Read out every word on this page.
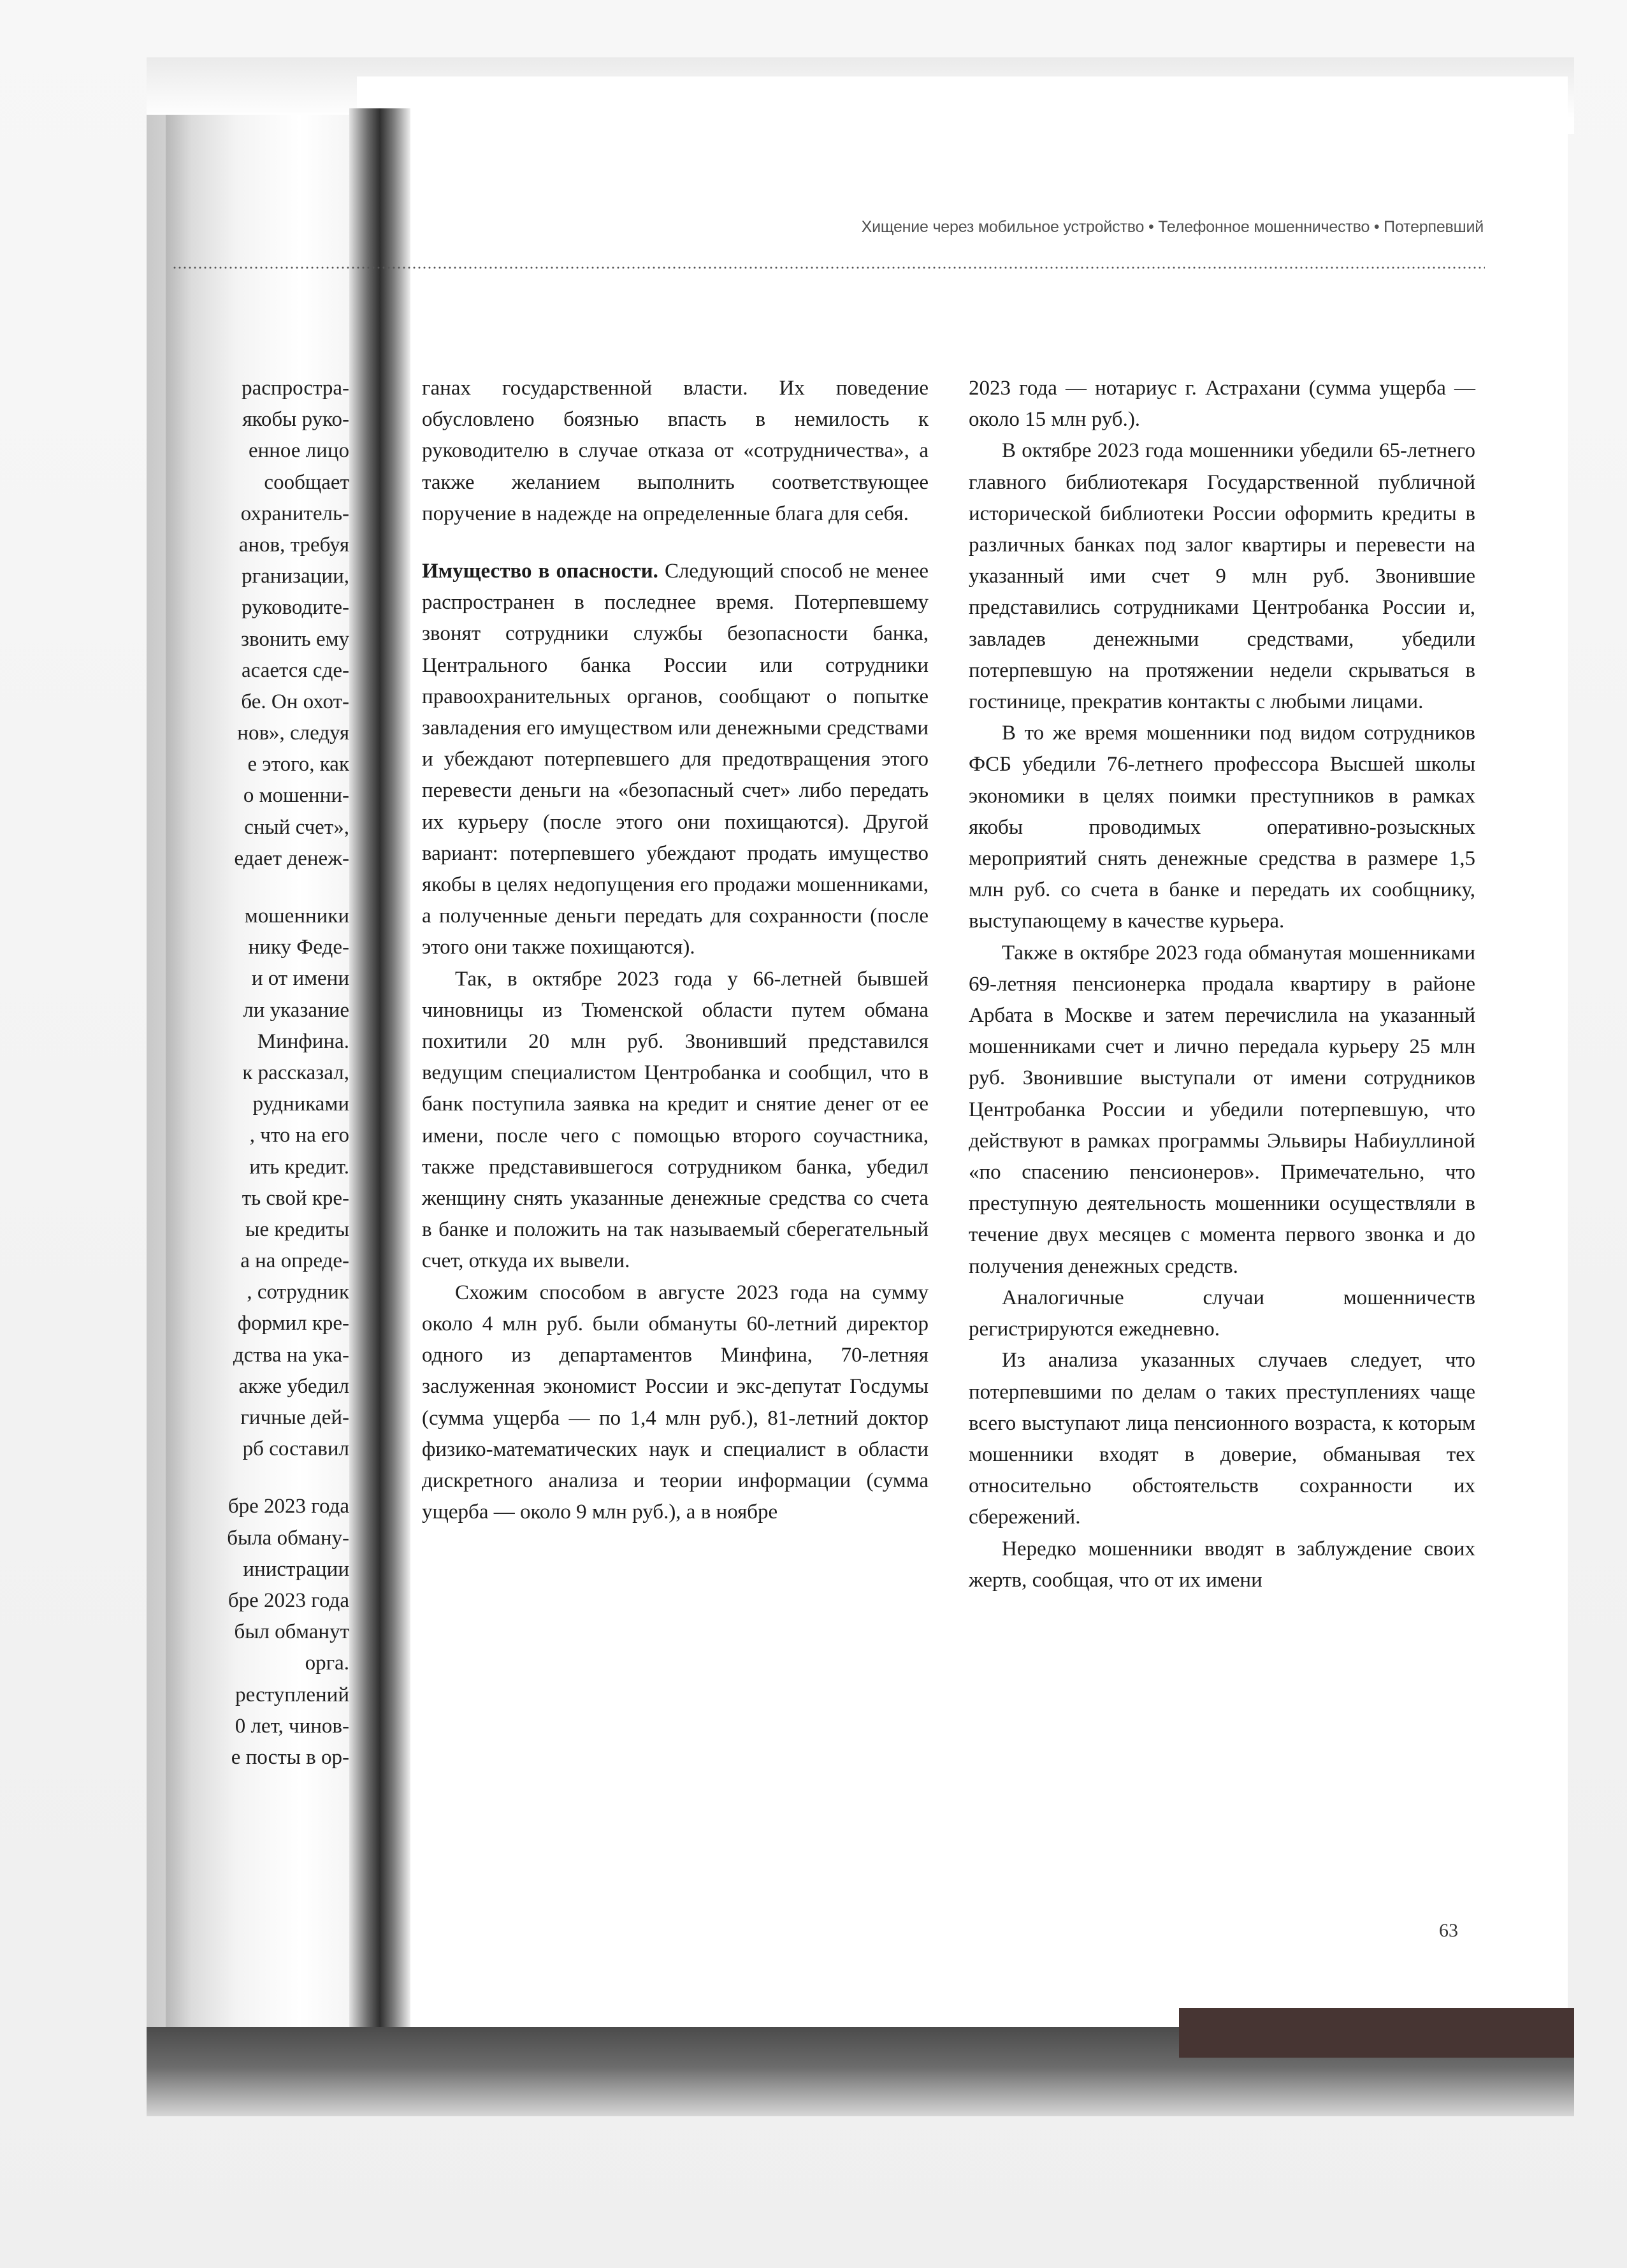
Хищение через мобильное устройство • Телефонное мошенничество • Потерпевший
распростра-
якобы руко-
енное лицо
сообщает
охранитель-
анов, требуя
рганизации,
руководите-
звонить ему
асается сде-
бе. Он охот-
нов», следуя
е этого, как
о мошенни-
сный счет»,
едает денеж-
мошенники
нику Феде-
и от имени
ли указание
Минфина.
к рассказал,
рудниками
, что на его
ить кредит.
ть свой кре-
ые кредиты
а на опреде-
, сотрудник
формил кре-
дства на ука-
акже убедил
гичные дей-
рб составил
бре 2023 года
была обману-
инистрации
бре 2023 года
был обманут
орга.
реступлений
0 лет, чинов-
е посты в ор-

ганах государственной власти. Их поведение обусловлено боязнью впасть в немилость к руководителю в случае отказа от «сотрудничества», а также желанием выполнить соответствующее поручение в надежде на определенные блага для себя.

Имущество в опасности. Следующий способ не менее распространен в последнее время. Потерпевшему звонят сотрудники службы безопасности банка, Центрального банка России или сотрудники правоохранительных органов, сообщают о попытке завладения его имуществом или денежными средствами и убеждают потерпевшего для предотвращения этого перевести деньги на «безопасный счет» либо передать их курьеру (после этого они похищаются). Другой вариант: потерпевшего убеждают продать имущество якобы в целях недопущения его продажи мошенниками, а полученные деньги передать для сохранности (после этого они также похищаются).

Так, в октябре 2023 года у 66-летней бывшей чиновницы из Тюменской области путем обмана похитили 20 млн руб. Звонивший представился ведущим специалистом Центробанка и сообщил, что в банк поступила заявка на кредит и снятие денег от ее имени, после чего с помощью второго соучастника, также представившегося сотрудником банка, убедил женщину снять указанные денежные средства со счета в банке и положить на так называемый сберегательный счет, откуда их вывели.

Схожим способом в августе 2023 года на сумму около 4 млн руб. были обмануты 60-летний директор одного из департаментов Минфина, 70-летняя заслуженная экономист России и экс-депутат Госдумы (сумма ущерба — по 1,4 млн руб.), 81-летний доктор физико-математических наук и специалист в области дискретного анализа и теории информации (сумма ущерба — около 9 млн руб.), а в ноябре

2023 года — нотариус г. Астрахани (сумма ущерба — около 15 млн руб.).

В октябре 2023 года мошенники убедили 65-летнего главного библиотекаря Государственной публичной исторической библиотеки России оформить кредиты в различных банках под залог квартиры и перевести на указанный ими счет 9 млн руб. Звонившие представились сотрудниками Центробанка России и, завладев денежными средствами, убедили потерпевшую на протяжении недели скрываться в гостинице, прекратив контакты с любыми лицами.

В то же время мошенники под видом сотрудников ФСБ убедили 76-летнего профессора Высшей школы экономики в целях поимки преступников в рамках якобы проводимых оперативно-розыскных мероприятий снять денежные средства в размере 1,5 млн руб. со счета в банке и передать их сообщнику, выступающему в качестве курьера.

Также в октябре 2023 года обманутая мошенниками 69-летняя пенсионерка продала квартиру в районе Арбата в Москве и затем перечислила на указанный мошенниками счет и лично передала курьеру 25 млн руб. Звонившие выступали от имени сотрудников Центробанка России и убедили потерпевшую, что действуют в рамках программы Эльвиры Набиуллиной «по спасению пенсионеров». Примечательно, что преступную деятельность мошенники осуществляли в течение двух месяцев с момента первого звонка и до получения денежных средств.

Аналогичные случаи мошенничеств регистрируются ежедневно.

Из анализа указанных случаев следует, что потерпевшими по делам о таких преступлениях чаще всего выступают лица пенсионного возраста, к которым мошенники входят в доверие, обманывая тех относительно обстоятельств сохранности их сбережений.

Нередко мошенники вводят в заблуждение своих жертв, сообщая, что от их имени

63
